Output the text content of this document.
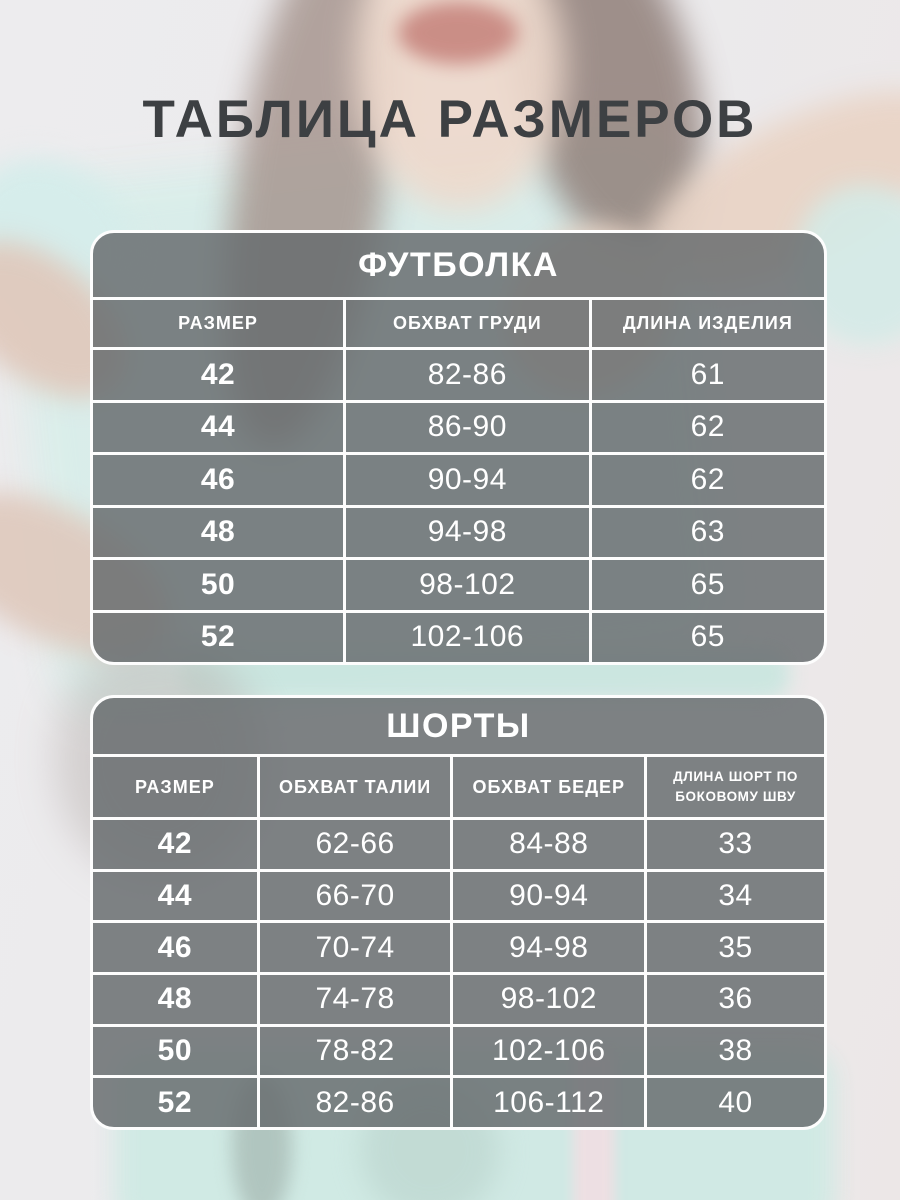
ТАБЛИЦА РАЗМЕРОВ
ФУТБОЛКА
РАЗМЕР	ОБХВАТ ГРУДИ	ДЛИНА ИЗДЕЛИЯ
42	82-86	61
44	86-90	62
46	90-94	62
48	94-98	63
50	98-102	65
52	102-106	65
ШОРТЫ
РАЗМЕР	ОБХВАТ ТАЛИИ	ОБХВАТ БЕДЕР	ДЛИНА ШОРТ ПО БОКОВОМУ ШВУ
42	62-66	84-88	33
44	66-70	90-94	34
46	70-74	94-98	35
48	74-78	98-102	36
50	78-82	102-106	38
52	82-86	106-112	40
